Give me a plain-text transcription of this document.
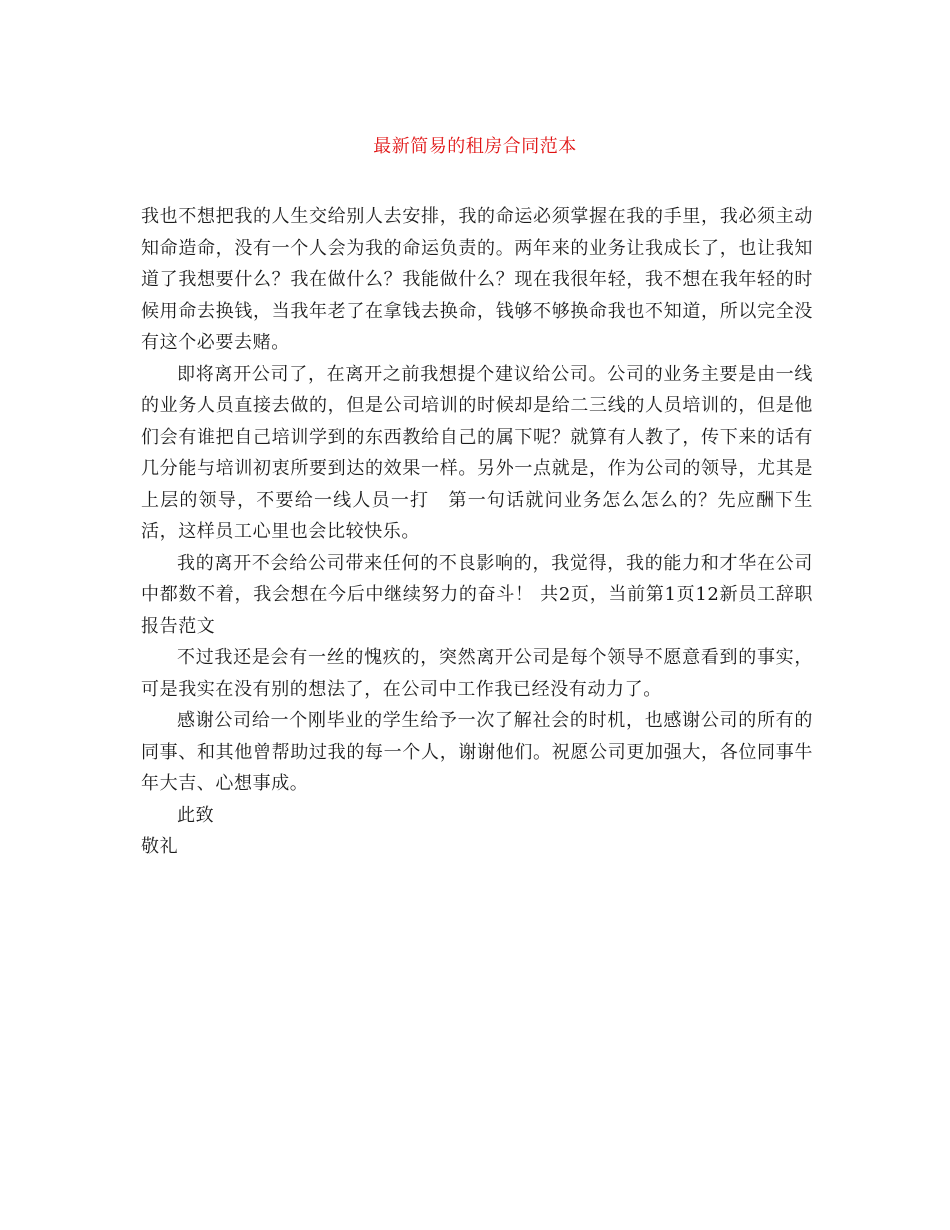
最新简易的租房合同范本

我也不想把我的人生交给别人去安排，我的命运必须掌握在我的手里，我必须主动知命造命，没有一个人会为我的命运负责的。两年来的业务让我成长了，也让我知道了我想要什么？我在做什么？我能做什么？现在我很年轻，我不想在我年轻的时候用命去换钱，当我年老了在拿钱去换命，钱够不够换命我也不知道，所以完全没有这个必要去赌。

即将离开公司了，在离开之前我想提个建议给公司。公司的业务主要是由一线的业务人员直接去做的，但是公司培训的时候却是给二三线的人员培训的，但是他们会有谁把自己培训学到的东西教给自己的属下呢？就算有人教了，传下来的话有几分能与培训初衷所要到达的效果一样。另外一点就是，作为公司的领导，尤其是上层的领导，不要给一线人员一打　第一句话就问业务怎么怎么的？先应酬下生活，这样员工心里也会比较快乐。

我的离开不会给公司带来任何的不良影响的，我觉得，我的能力和才华在公司中都数不着，我会想在今后中继续努力的奋斗！ 共2页，当前第1页12新员工辞职报告范文

不过我还是会有一丝的愧疚的，突然离开公司是每个领导不愿意看到的事实，可是我实在没有别的想法了，在公司中工作我已经没有动力了。

感谢公司给一个刚毕业的学生给予一次了解社会的时机，也感谢公司的所有的同事、和其他曾帮助过我的每一个人，谢谢他们。祝愿公司更加强大，各位同事牛年大吉、心想事成。

此致

敬礼
